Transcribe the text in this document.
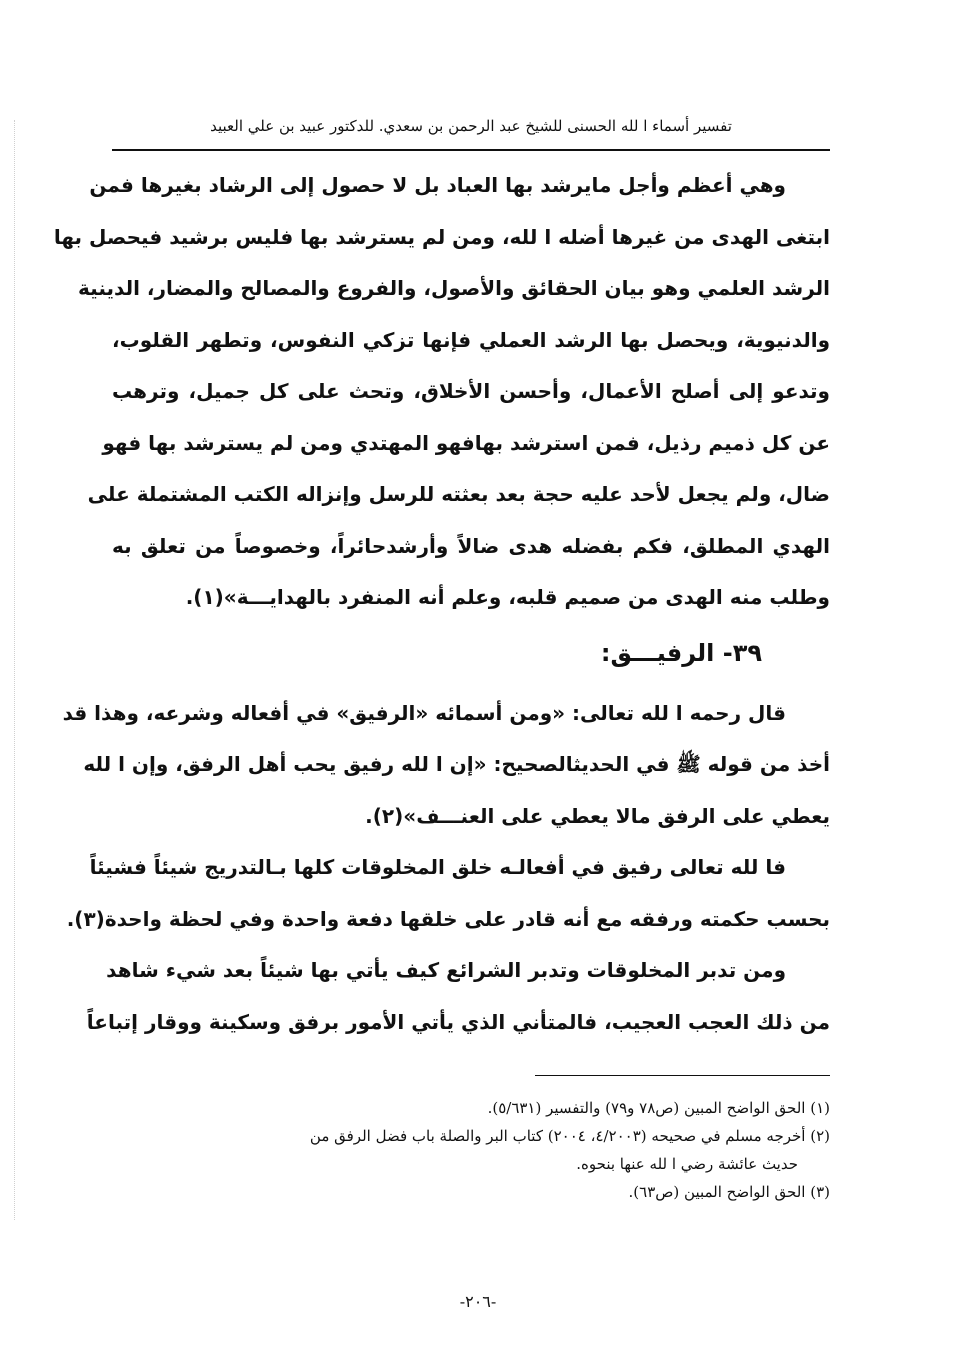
تفسير أسماء ا لله الحسنى للشيخ عبد الرحمن بن سعدي. للدكتور عبيد بن علي العبيد
وهي أعظم وأجل مايرشد بها العباد بل لا حصول إلى الرشاد بغيرها فمن
ابتغى الهدى من غيرها أضله ا لله، ومن لم يسترشد بها فليس برشيد فيحصل بها
الرشد العلمي وهو بيان الحقائق والأصول، والفروع والمصالح والمضار، الدينية
والدنيوية، ويحصل بها الرشد العملي فإنها تزكي النفوس، وتطهر القلوب،
وتدعو إلى أصلح الأعمال، وأحسن الأخلاق، وتحث على كل جميل، وترهب
عن كل ذميم رذيل، فمن استرشد بهافهو المهتدي ومن لم يسترشد بها فهو
ضال، ولم يجعل لأحد عليه حجة بعد بعثته للرسل وإنزاله الكتب المشتملة على
الهدي المطلق، فكم بفضله هدى ضالاً وأرشدحائراً، وخصوصاً من تعلق به
وطلب منه الهدى من صميم قلبه، وعلم أنه المنفرد بالهدايـــة»(١).
٣٩- الرفيـــق:
قال رحمه ا لله تعالى: «ومن أسمائه «الرفيق» في أفعاله وشرعه، وهذا قد
أخذ من قوله ﷺ في الحديثالصحيح: «إن ا لله رفيق يحب أهل الرفق، وإن ا لله
يعطي على الرفق مالا يعطي على العنـــف»(٢).
فا لله تعالى رفيق في أفعالـه خلق المخلوقات كلها بـالتدريج شيئاً فشيئاً
بحسب حكمته ورفقه مع أنه قادر على خلقها دفعة واحدة وفي لحظة واحدة(٣).
ومن تدبر المخلوقات وتدبر الشرائع كيف يأتي بها شيئاً بعد شيء شاهد
من ذلك العجب العجيب، فالمتأني الذي يأتي الأمور برفق وسكينة ووقار إتباعاً
(١) الحق الواضح المبين (ص٧٨ و٧٩) والتفسير (٥/٦٣١).
(٢) أخرجه مسلم في صحيحه (٤/٢٠٠٣، ٢٠٠٤) كتاب البر والصلة باب فضل الرفق من
حديث عائشة رضي ا لله عنها بنحوه.
(٣) الحق الواضح المبين (ص٦٣).
-٢٠٦-
